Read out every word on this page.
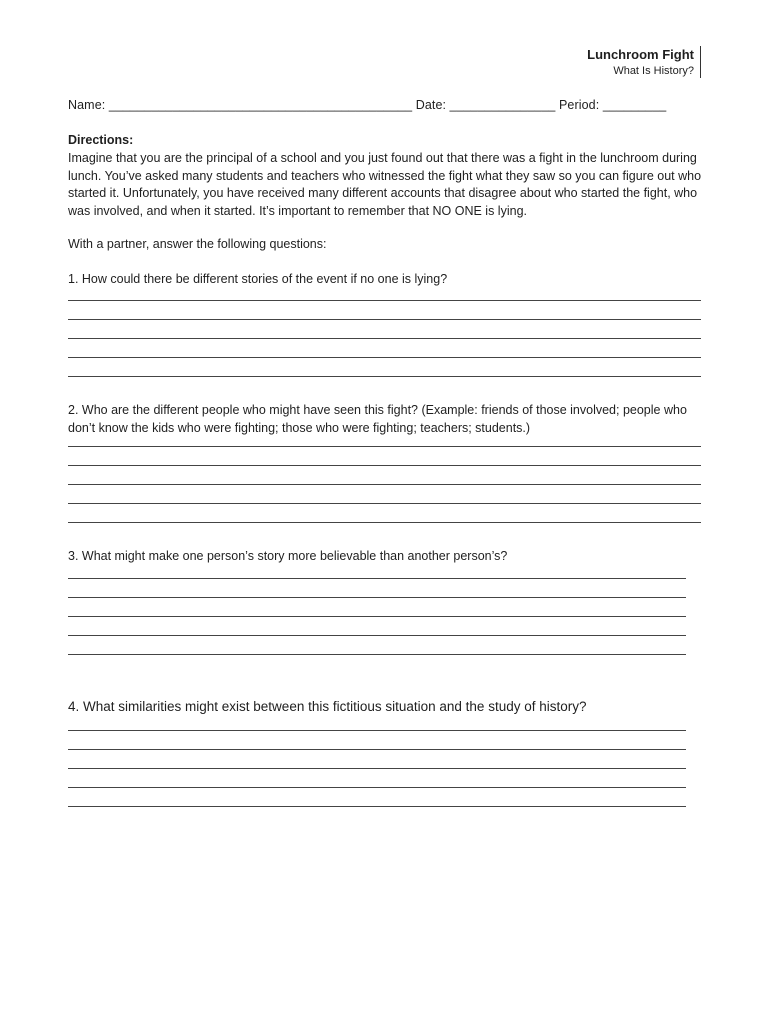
Lunchroom Fight
What Is History?
Name: ___________________________________________ Date: _______________ Period: _________
Directions:
Imagine that you are the principal of a school and you just found out that there was a fight in the lunchroom during lunch. You’ve asked many students and teachers who witnessed the fight what they saw so you can figure out who started it. Unfortunately, you have received many different accounts that disagree about who started the fight, who was involved, and when it started. It’s important to remember that NO ONE is lying.
With a partner, answer the following questions:
1. How could there be different stories of the event if no one is lying?
2. Who are the different people who might have seen this fight? (Example: friends of those involved; people who don’t know the kids who were fighting; those who were fighting; teachers; students.)
3. What might make one person’s story more believable than another person’s?
4. What similarities might exist between this fictitious situation and the study of history?
